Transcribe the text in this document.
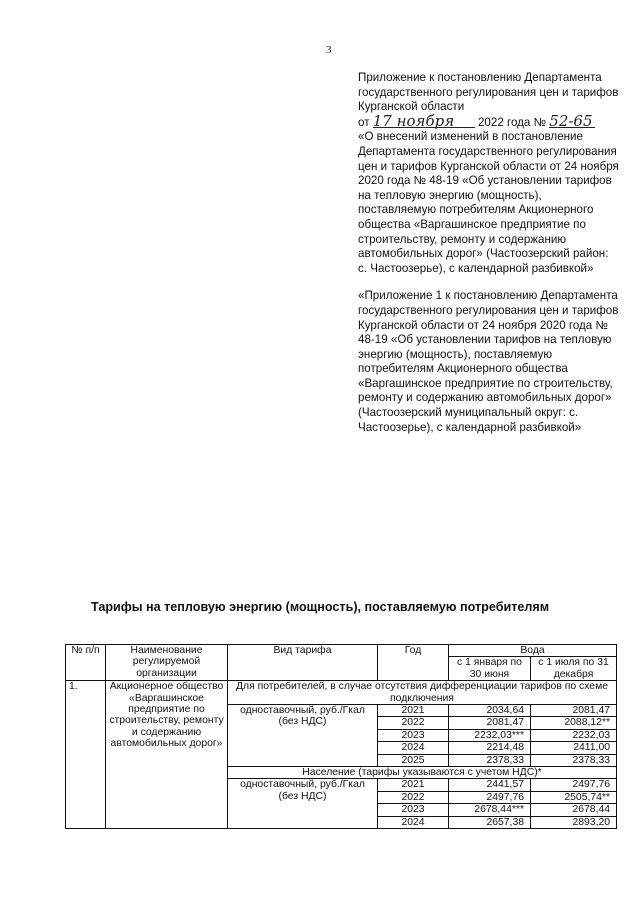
3

Приложение к постановлению Департамента государственного регулирования цен и тарифов Курганской области

от 17 ноября 2022 года № 52-65

«О внесений изменений в постановление Департамента государственного регулирования цен и тарифов Курганской области от 24 ноября 2020 года № 48-19 «Об установлении тарифов на тепловую энергию (мощность), поставляемую потребителям Акционерного общества «Варгашинское предприятие по строительству, ремонту и содержанию автомобильных дорог» (Частоозерский район: с. Частоозерье), с календарной разбивкой»

«Приложение 1 к постановлению Департамента государственного регулирования цен и тарифов Курганской области от 24 ноября 2020 года № 48-19 «Об установлении тарифов на тепловую энергию (мощность), поставляемую потребителям Акционерного общества «Варгашинское предприятие по строительству, ремонту и содержанию автомобильных дорог» (Частоозерский муниципальный округ: с. Частоозерье), с календарной разбивкой»

Тарифы на тепловую энергию (мощность), поставляемую потребителям
№ п/п	Наименование регулируемой организации	Вид тарифа	Год	Вода	
				с 1 января по 30 июня	с 1 июля по 31 декабря
1.	Акционерное общество «Варгашинское предприятие по строительству, ремонту и содержанию автомобильных дорог»	Для потребителей, в случае отсутствия дифференциации тарифов по схеме подключения			
		одноставочный, руб./Гкал (без НДС)	2021	2034,64	2081,47
			2022	2081,47	2088,12**
			2023	2232,03***	2232,03
			2024	2214,48	2411,00
			2025	2378,33	2378,33
		Население (тарифы указываются с учетом НДС)*			
		одноставочный, руб./Гкал (без НДС)	2021	2441,57	2497,76
			2022	2497,76	2505,74**
			2023	2678,44***	2678,44
			2024	2657,38	2893,20
